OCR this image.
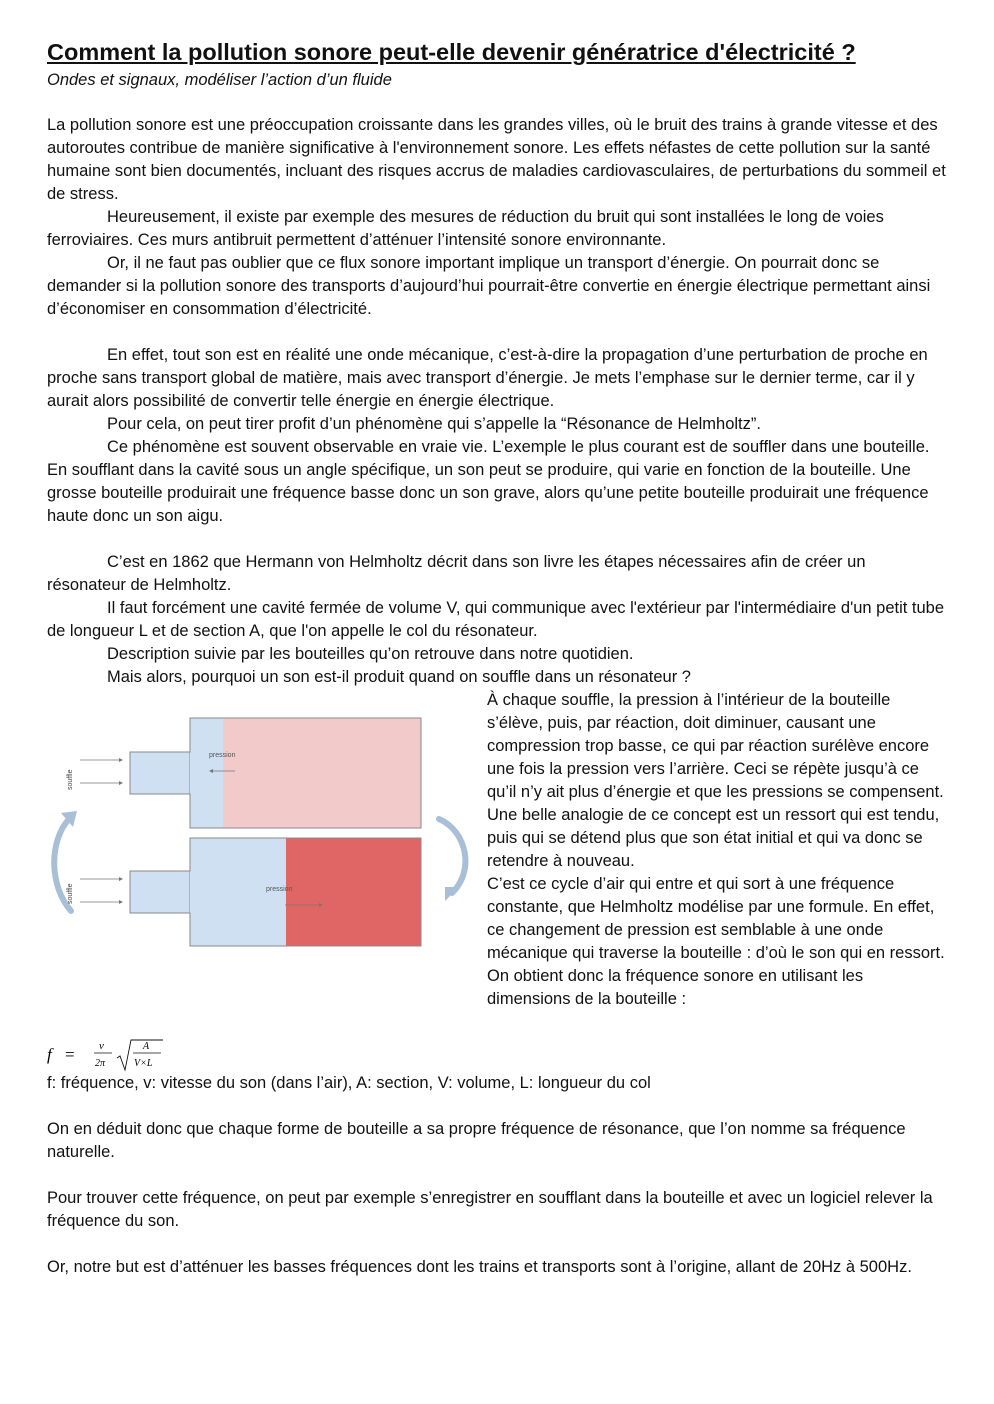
Comment la pollution sonore peut-elle devenir génératrice d'électricité ?
Ondes et signaux, modéliser l’action d’un fluide

La pollution sonore est une préoccupation croissante dans les grandes villes, où le bruit des trains à grande vitesse et des autoroutes contribue de manière significative à l'environnement sonore. Les effets néfastes de cette pollution sur la santé humaine sont bien documentés, incluant des risques accrus de maladies cardiovasculaires, de perturbations du sommeil et de stress.

Heureusement, il existe par exemple des mesures de réduction du bruit qui sont installées le long de voies ferroviaires. Ces murs antibruit permettent d’atténuer l’intensité sonore environnante.

Or, il ne faut pas oublier que ce flux sonore important implique un transport d’énergie. On pourrait donc se demander si la pollution sonore des transports d’aujourd’hui pourrait-être convertie en énergie électrique permettant ainsi d’économiser en consommation d’électricité.

En effet, tout son est en réalité une onde mécanique, c’est-à-dire la propagation d’une perturbation de proche en proche sans transport global de matière, mais avec transport d’énergie. Je mets l’emphase sur le dernier terme, car il y aurait alors possibilité de convertir telle énergie en énergie électrique.

Pour cela, on peut tirer profit d’un phénomène qui s’appelle la “Résonance de Helmholtz”.

Ce phénomène est souvent observable en vraie vie. L’exemple le plus courant est de souffler dans une bouteille. En soufflant dans la cavité sous un angle spécifique, un son peut se produire, qui varie en fonction de la bouteille. Une grosse bouteille produirait une fréquence basse donc un son grave, alors qu’une petite bouteille produirait une fréquence haute donc un son aigu.

C’est en 1862 que Hermann von Helmholtz décrit dans son livre les étapes nécessaires afin de créer un résonateur de Helmholtz.

Il faut forcément une cavité fermée de volume V, qui communique avec l'extérieur par l'intermédiaire d'un petit tube de longueur L et de section A, que l'on appelle le col du résonateur.

Description suivie par les bouteilles qu’on retrouve dans notre quotidien.

Mais alors, pourquoi un son est-il produit quand on souffle dans un résonateur ?

souffle
pression
souffle	pression

À chaque souffle, la pression à l’intérieur de la bouteille s’élève, puis, par réaction, doit diminuer, causant une compression trop basse, ce qui par réaction surélève encore une fois la pression vers l’arrière. Ceci se répète jusqu’à ce qu’il n’y ait plus d’énergie et que les pressions se compensent. Une belle analogie de ce concept est un ressort qui est tendu, puis qui se détend plus que son état initial et qui va donc se retendre à nouveau.

C’est ce cycle d’air qui entre et qui sort à une fréquence constante, que Helmholtz modélise par une formule. En effet, ce changement de pression est semblable à une onde mécanique qui traverse la bouteille : d’où le son qui en ressort. On obtient donc la fréquence sonore en utilisant les dimensions de la bouteille :

f = v
2π
A
V×L

f: fréquence, v: vitesse du son (dans l’air), A: section, V: volume, L: longueur du col

On en déduit donc que chaque forme de bouteille a sa propre fréquence de résonance, que l’on nomme sa fréquence naturelle.

Pour trouver cette fréquence, on peut par exemple s’enregistrer en soufflant dans la bouteille et avec un logiciel relever la fréquence du son.

Or, notre but est d’atténuer les basses fréquences dont les trains et transports sont à l’origine, allant de 20Hz à 500Hz.
